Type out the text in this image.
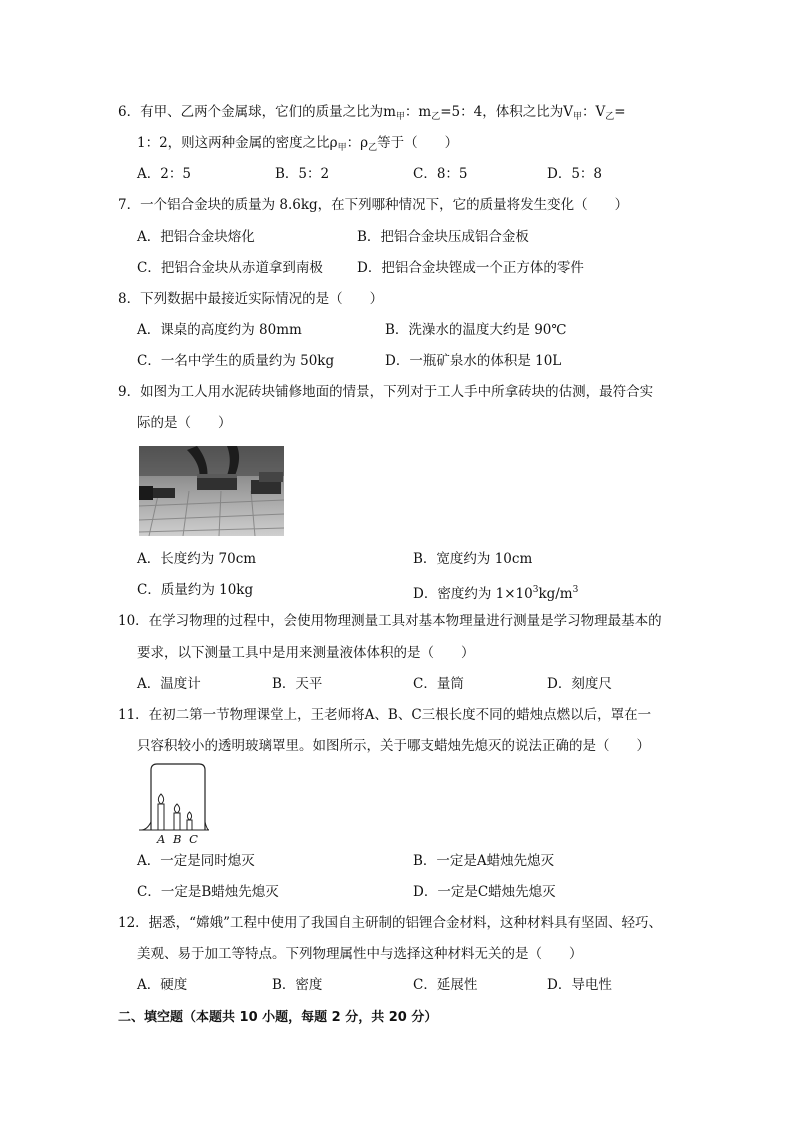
6．有甲、乙两个金属球，它们的质量之比为$m_甲$：$m_乙=5$：4，体积之比为$V_甲$：$V_乙=$
1：2，则这两种金属的密度之比$\rho_甲$：$\rho_乙$等于（　　）
A．2：5	B．5：2	C．8：5	D．5：8
7．一个铝合金块的质量为 8.6kg，在下列哪种情况下，它的质量将发生变化（　　）
A．把铝合金块熔化	B．把铝合金块压成铝合金板
C．把铝合金块从赤道拿到南极	D．把铝合金块铿成一个正方体的零件
8．下列数据中最接近实际情况的是（　　）
A．课桌的高度约为 80mm	B．洗澡水的温度大约是 90℃
C．一名中学生的质量约为 50kg	D．一瓶矿泉水的体积是 10L
9．如图为工人用水泥砖块铺修地面的情景，下列对于工人手中所拿砖块的估测，最符合实
际的是（　　）
A．长度约为 70cm	B．宽度约为 10cm
C．质量约为 10kg	D．密度约为 $1\times 10^3kg/m^3$
10．在学习物理的过程中，会使用物理测量工具对基本物理量进行测量是学习物理最基本的
要求，以下测量工具中是用来测量液体体积的是（　　）
A．温度计	B．天平	C．量筒	D．刻度尺
11．在初二第一节物理课堂上，王老师将A、B、C三根长度不同的蜡烛点燃以后，罩在一
只容积较小的透明玻璃罩里。如图所示，关于哪支蜡烛先熄灭的说法正确的是（　　）
A B C
A．一定是同时熄灭	B．一定是A蜡烛先熄灭
C．一定是B蜡烛先熄灭	D．一定是C蜡烛先熄灭
12．据悉，“嫦娥”工程中使用了我国自主研制的铝锂合金材料，这种材料具有坚固、轻巧、
美观、易于加工等特点。下列物理属性中与选择这种材料无关的是（　　）
A．硬度	B．密度	C．延展性	D．导电性
二、填空题（本题共 10 小题，每题 2 分，共 20 分）
